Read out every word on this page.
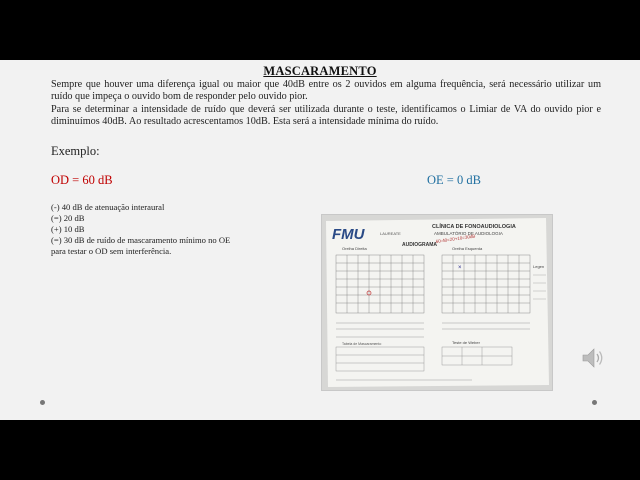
MASCARAMENTO

Sempre que houver uma diferença igual ou maior que 40dB entre os 2 ouvidos em alguma frequência, será necessário utilizar um ruído que impeça o ouvido bom de responder pelo ouvido pior.

Para se determinar a intensidade de ruído que deverá ser utilizada durante o teste, identificamos o Limiar de VA do ouvido pior e diminuímos 40dB. Ao resultado acrescentamos 10dB. Esta será a intensidade mínima do ruído.

Exemplo:
OD = 60 dB	OE = 0 dB
(-) 40 dB de atenuação interaural
(=) 20 dB
(+) 10 dB
(=) 30 dB de ruído de mascaramento mínimo no OE
para testar o OD sem interferência.
FMU	LAUREATE
CLÍNICA DE FONOAUDIOLOGIA
AMBULATÓRIO DE AUDIOLOGIA
AUDIOGRAMA
Orelha Direita	Orelha Esquerda
60-40=20+10=30dB
×	Legen
Tabela de Mascaramento	Teste de Weber
